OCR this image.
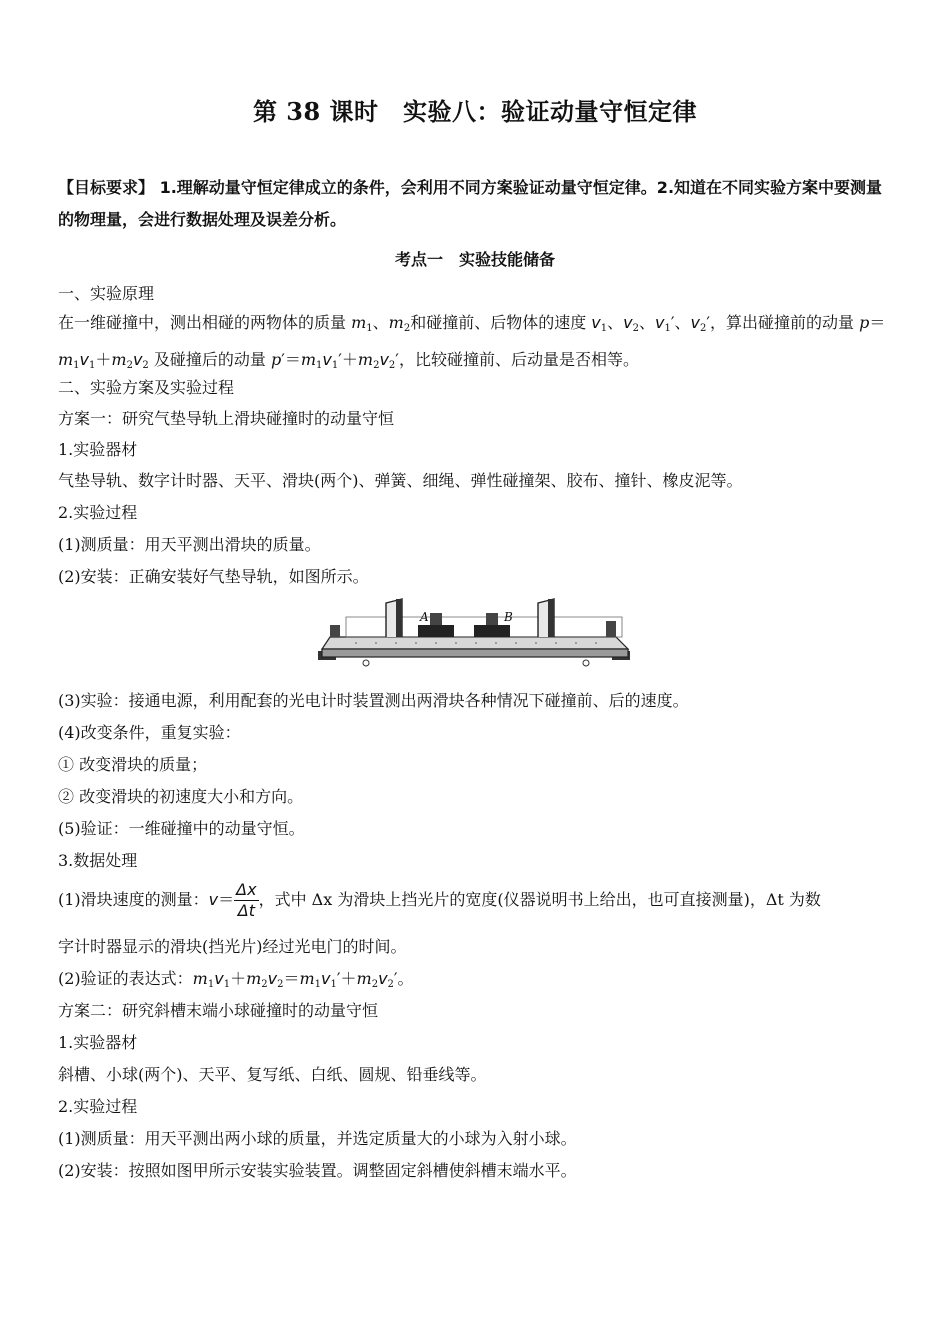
第 38 课时　实验八：验证动量守恒定律
【目标要求】 1.理解动量守恒定律成立的条件，会利用不同方案验证动量守恒定律。2.知道在不同实验方案中要测量的物理量，会进行数据处理及误差分析。
考点一　实验技能储备
一、实验原理
在一维碰撞中，测出相碰的两物体的质量 $m_1$、$m_2$和碰撞前、后物体的速度 $v_1$、$v_2$、$v_1'$、$v_2'$，算出碰撞前的动量 $p=m_1v_1+m_2v_2$ 及碰撞后的动量 $p'=m_1v_1'+m_2v_2'$，比较碰撞前、后动量是否相等。
二、实验方案及实验过程
方案一：研究气垫导轨上滑块碰撞时的动量守恒
1.实验器材
气垫导轨、数字计时器、天平、滑块(两个)、弹簧、细绳、弹性碰撞架、胶布、撞针、橡皮泥等。
2.实验过程
(1)测质量：用天平测出滑块的质量。
(2)安装：正确安装好气垫导轨，如图所示。
A	B
(3)实验：接通电源，利用配套的光电计时装置测出两滑块各种情况下碰撞前、后的速度。
(4)改变条件，重复实验：
① 改变滑块的质量；
② 改变滑块的初速度大小和方向。
(5)验证：一维碰撞中的动量守恒。
3.数据处理
(1)滑块速度的测量：$v= \frac{\Delta x}{\Delta t}$ ，式中 Δx 为滑块上挡光片的宽度(仪器说明书上给出，也可直接测量)，Δt 为数
字计时器显示的滑块(挡光片)经过光电门的时间。
(2)验证的表达式：$m_1v_1+m_2v_2=m_1v_1'+m_2v_2'$。
方案二：研究斜槽末端小球碰撞时的动量守恒
1.实验器材
斜槽、小球(两个)、天平、复写纸、白纸、圆规、铅垂线等。
2.实验过程
(1)测质量：用天平测出两小球的质量，并选定质量大的小球为入射小球。
(2)安装：按照如图甲所示安装实验装置。调整固定斜槽使斜槽末端水平。
